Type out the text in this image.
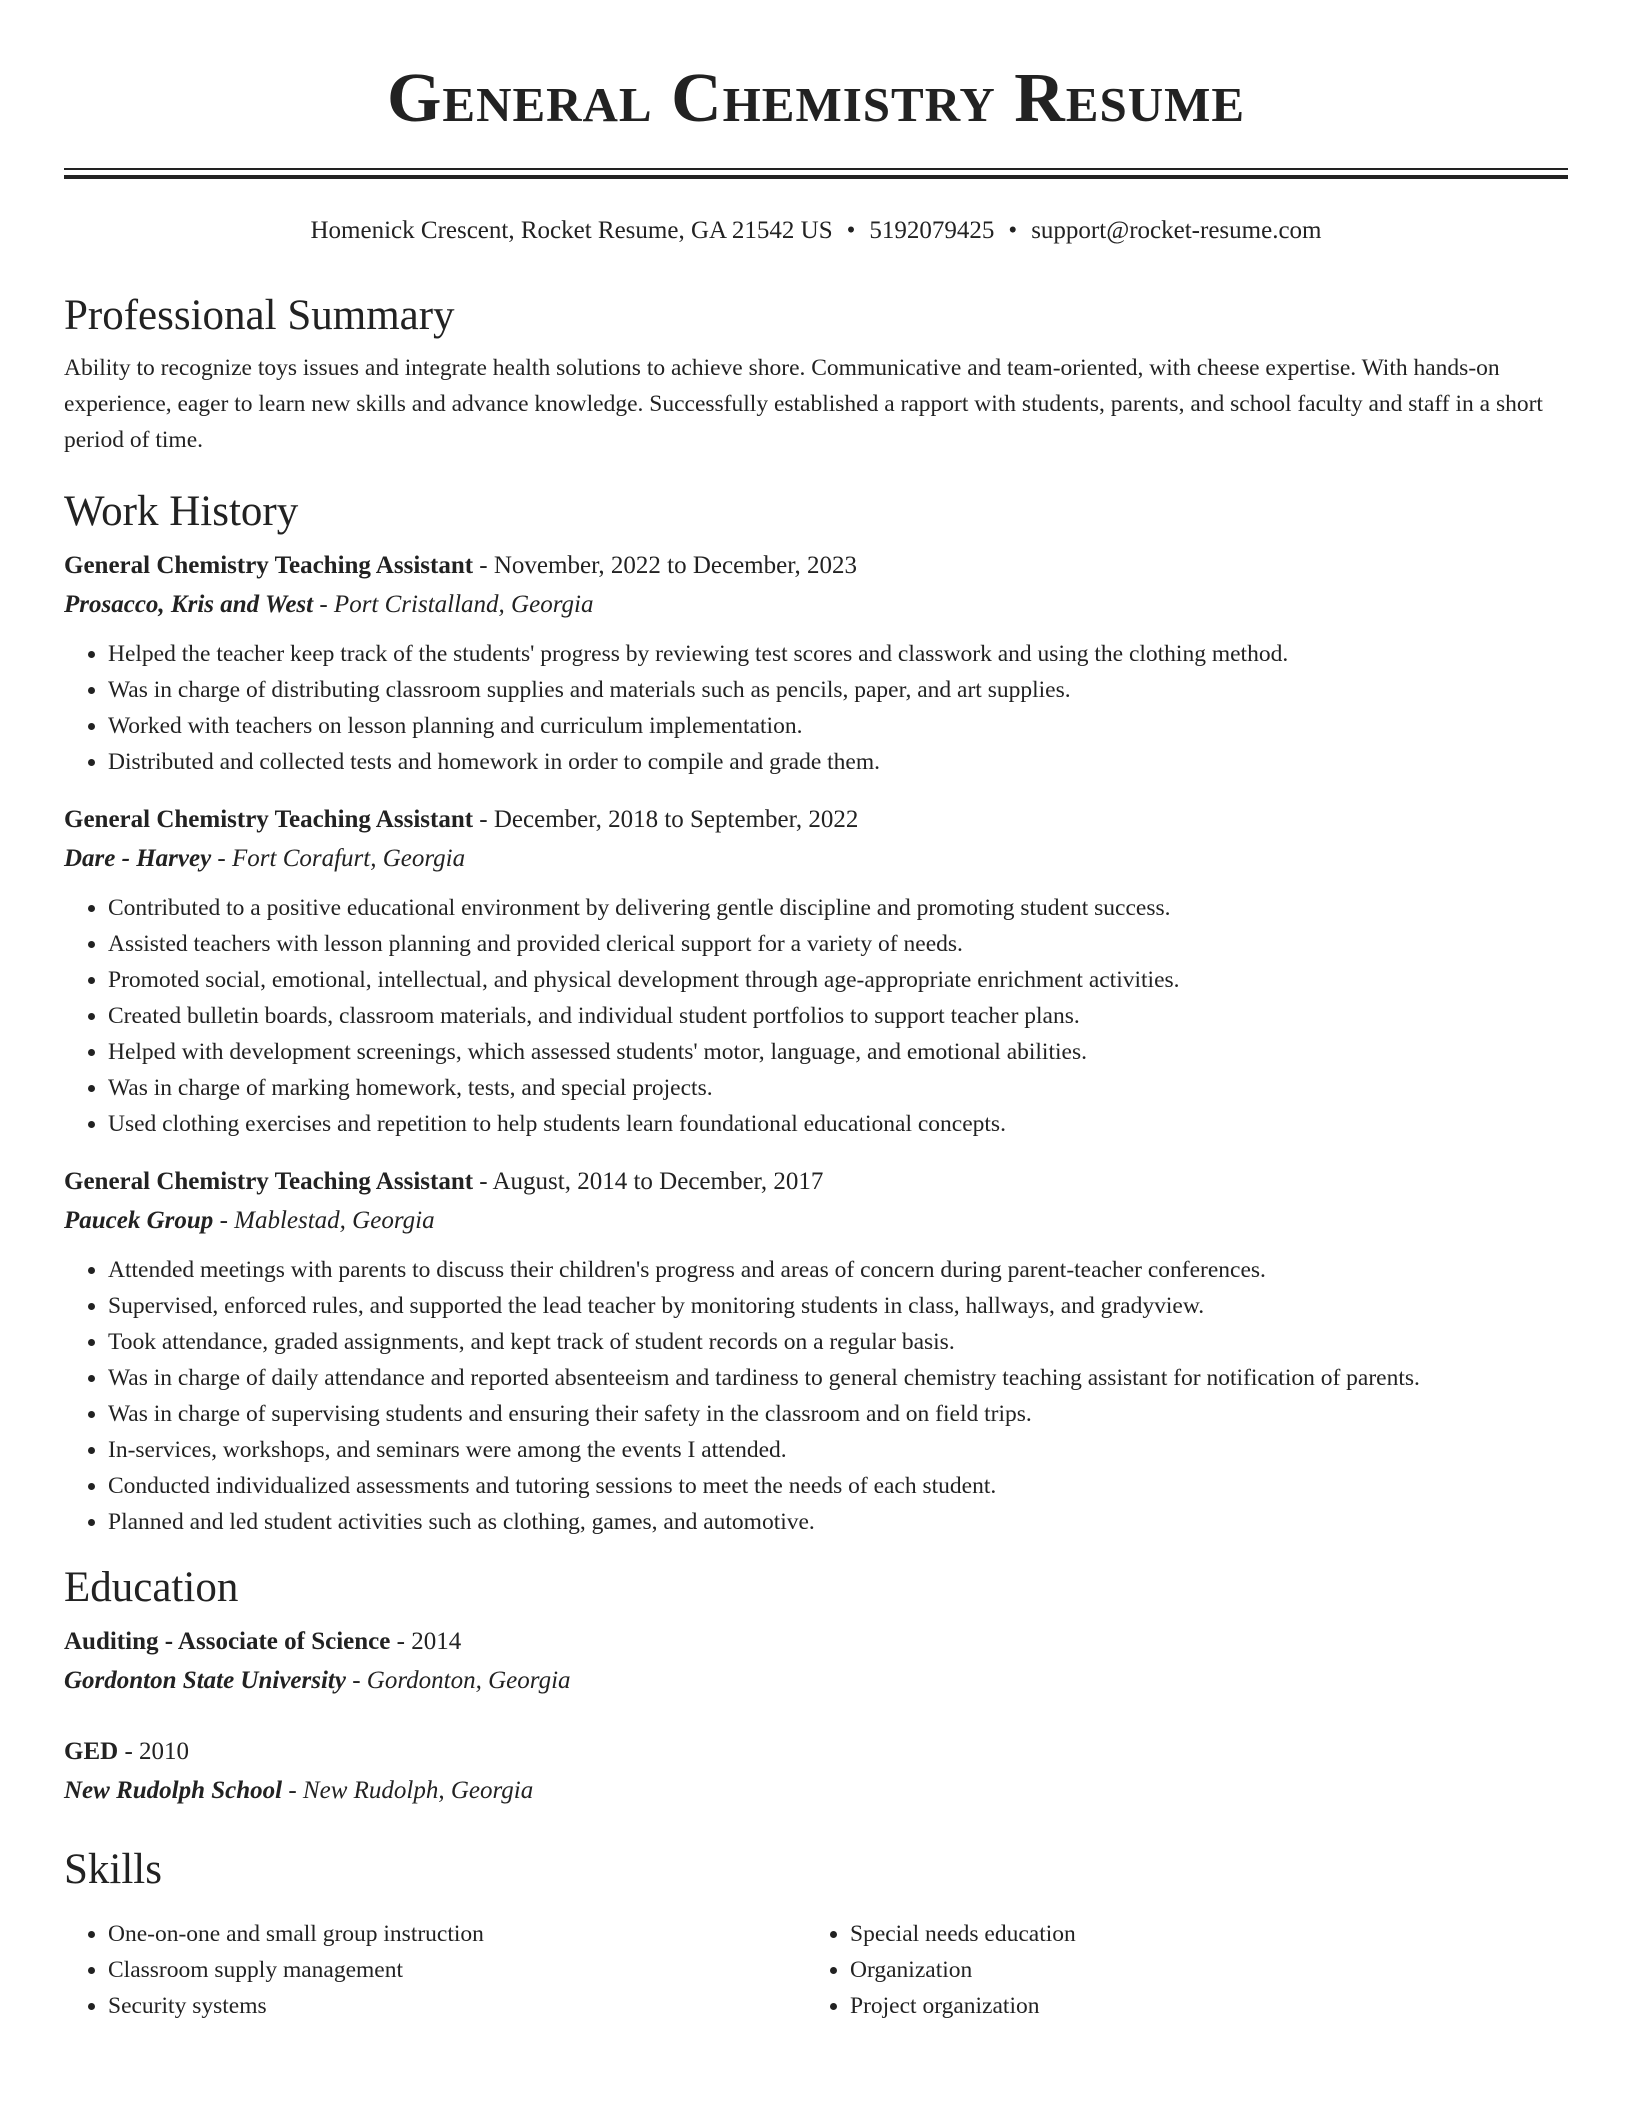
General Chemistry Resume
Homenick Crescent, Rocket Resume, GA 21542 US • 5192079425 • support@rocket-resume.com
Professional Summary

Ability to recognize toys issues and integrate health solutions to achieve shore. Communicative and team-oriented, with cheese expertise. With hands-on experience, eager to learn new skills and advance knowledge. Successfully established a rapport with students, parents, and school faculty and staff in a short period of time.

Work History
General Chemistry Teaching Assistant - November, 2022 to December, 2023
Prosacco, Kris and West - Port Cristalland, Georgia
• Helped the teacher keep track of the students' progress by reviewing test scores and classwork and using the clothing method.
• Was in charge of distributing classroom supplies and materials such as pencils, paper, and art supplies.
• Worked with teachers on lesson planning and curriculum implementation.
• Distributed and collected tests and homework in order to compile and grade them.
General Chemistry Teaching Assistant - December, 2018 to September, 2022
Dare - Harvey - Fort Corafurt, Georgia
• Contributed to a positive educational environment by delivering gentle discipline and promoting student success.
• Assisted teachers with lesson planning and provided clerical support for a variety of needs.
• Promoted social, emotional, intellectual, and physical development through age-appropriate enrichment activities.
• Created bulletin boards, classroom materials, and individual student portfolios to support teacher plans.
• Helped with development screenings, which assessed students' motor, language, and emotional abilities.
• Was in charge of marking homework, tests, and special projects.
• Used clothing exercises and repetition to help students learn foundational educational concepts.
General Chemistry Teaching Assistant - August, 2014 to December, 2017
Paucek Group - Mablestad, Georgia
• Attended meetings with parents to discuss their children's progress and areas of concern during parent-teacher conferences.
• Supervised, enforced rules, and supported the lead teacher by monitoring students in class, hallways, and gradyview.
• Took attendance, graded assignments, and kept track of student records on a regular basis.
• Was in charge of daily attendance and reported absenteeism and tardiness to general chemistry teaching assistant for notification of parents.
• Was in charge of supervising students and ensuring their safety in the classroom and on field trips.
• In-services, workshops, and seminars were among the events I attended.
• Conducted individualized assessments and tutoring sessions to meet the needs of each student.
• Planned and led student activities such as clothing, games, and automotive.
Education
Auditing - Associate of Science - 2014
Gordonton State University - Gordonton, Georgia
GED - 2010
New Rudolph School - New Rudolph, Georgia
Skills
• One-on-one and small group instruction
• Classroom supply management
• Security systems
• Special needs education
• Organization
• Project organization
